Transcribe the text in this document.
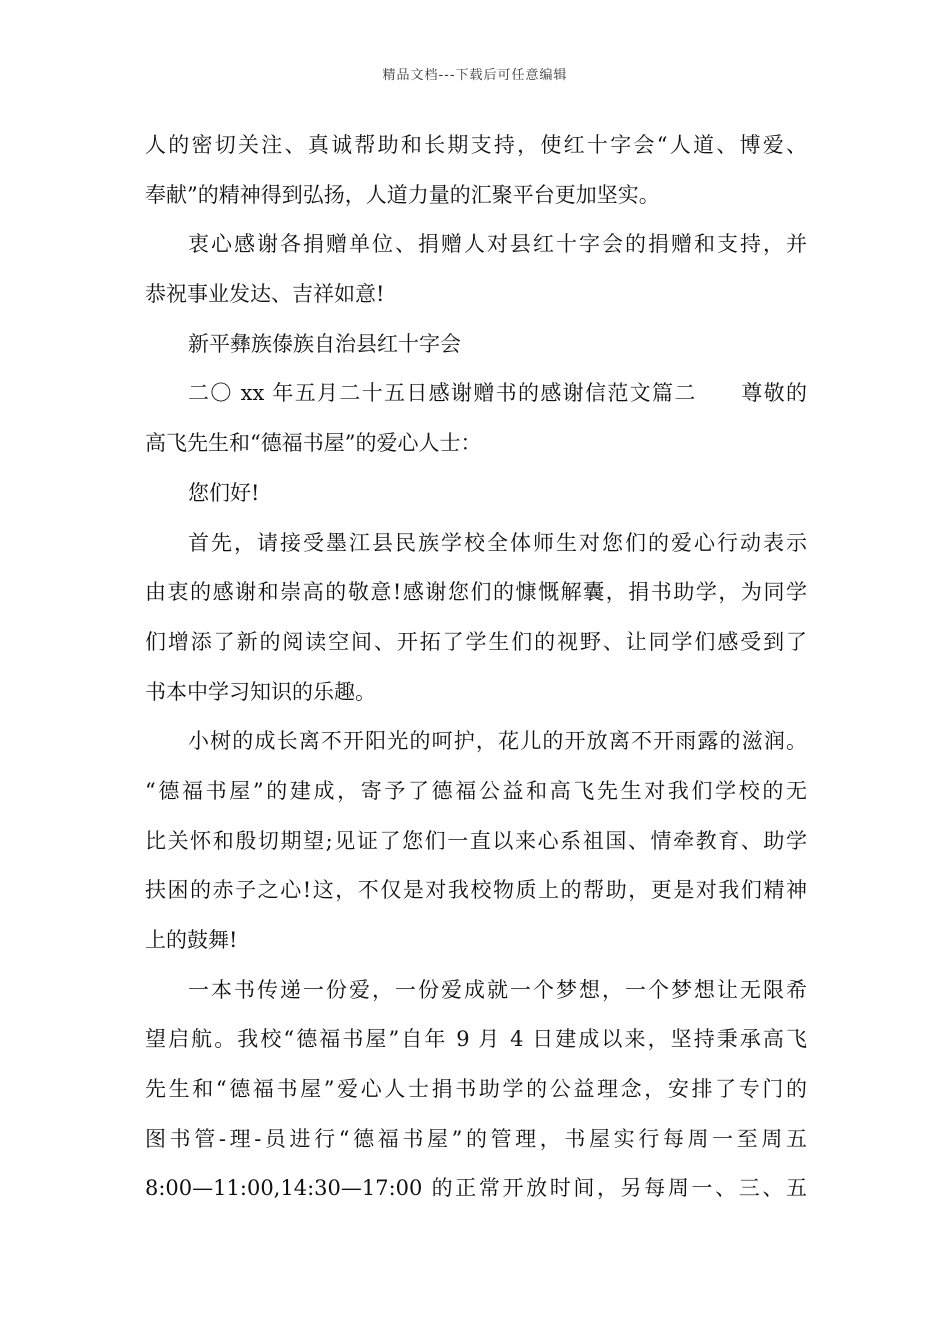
精品文档---下载后可任意编辑
人的密切关注、真诚帮助和长期支持，使红十字会“人道、博爱、
奉献”的精神得到弘扬，人道力量的汇聚平台更加坚实。
衷心感谢各捐赠单位、捐赠人对县红十字会的捐赠和支持，并
恭祝事业发达、吉祥如意!
新平彝族傣族自治县红十字会
二〇 xx 年五月二十五日感谢赠书的感谢信范文篇二　　尊敬的
高飞先生和“德福书屋”的爱心人士：
您们好!
首先，请接受墨江县民族学校全体师生对您们的爱心行动表示
由衷的感谢和崇高的敬意!感谢您们的慷慨解囊，捐书助学，为同学
们增添了新的阅读空间、开拓了学生们的视野、让同学们感受到了
书本中学习知识的乐趣。
小树的成长离不开阳光的呵护，花儿的开放离不开雨露的滋润。
“德福书屋”的建成，寄予了德福公益和高飞先生对我们学校的无
比关怀和殷切期望;见证了您们一直以来心系祖国、情牵教育、助学
扶困的赤子之心!这，不仅是对我校物质上的帮助，更是对我们精神
上的鼓舞!
一本书传递一份爱，一份爱成就一个梦想，一个梦想让无限希
望启航。我校“德福书屋”自年 9 月 4 日建成以来，坚持秉承高飞
先生和“德福书屋”爱心人士捐书助学的公益理念，安排了专门的
图书管-理-员进行“德福书屋”的管理，书屋实行每周一至周五
8:00—11:00,14:30—17:00 的正常开放时间，另每周一、三、五
